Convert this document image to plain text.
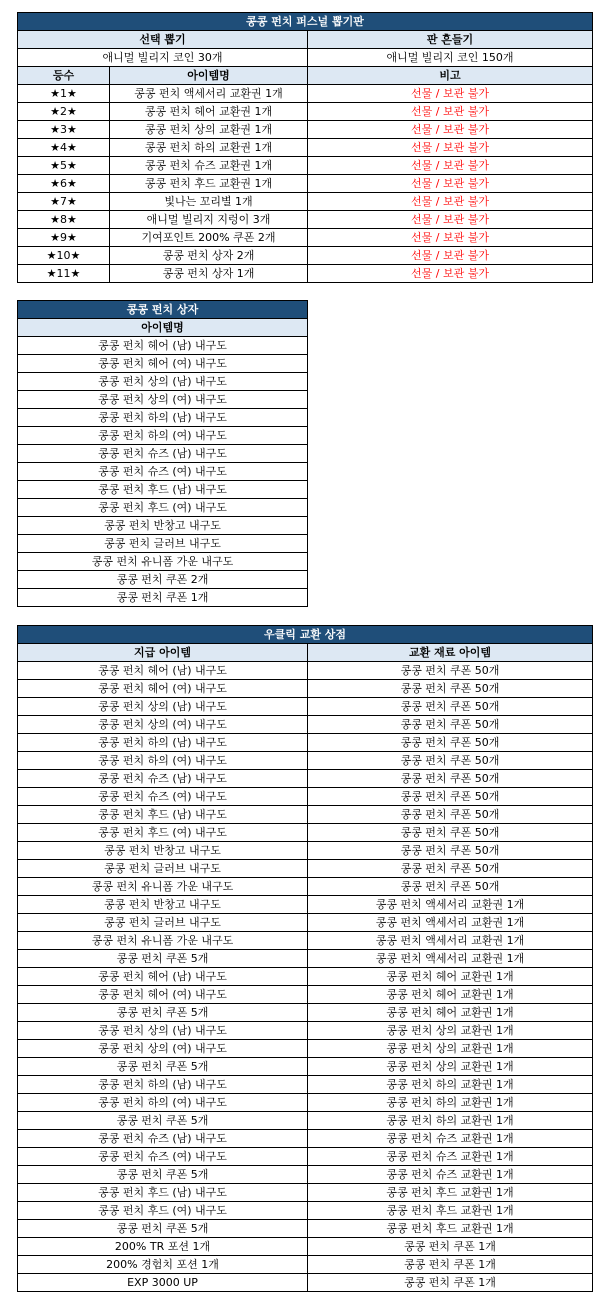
콩콩 펀치 퍼스널 뽑기판		
선택 뽑기		판 흔들기
애니멀 빌리지 코인 30개		애니멀 빌리지 코인 150개
등수	아이템명	비고
★1★	콩콩 펀치 액세서리 교환권 1개	선물 / 보관 불가
★2★	콩콩 펀치 헤어 교환권 1개	선물 / 보관 불가
★3★	콩콩 펀치 상의 교환권 1개	선물 / 보관 불가
★4★	콩콩 펀치 하의 교환권 1개	선물 / 보관 불가
★5★	콩콩 펀치 슈즈 교환권 1개	선물 / 보관 불가
★6★	콩콩 펀치 후드 교환권 1개	선물 / 보관 불가
★7★	빛나는 꼬리별 1개	선물 / 보관 불가
★8★	애니멀 빌리지 지렁이 3개	선물 / 보관 불가
★9★	기여포인트 200% 쿠폰 2개	선물 / 보관 불가
★10★	콩콩 펀치 상자 2개	선물 / 보관 불가
★11★	콩콩 펀치 상자 1개	선물 / 보관 불가
콩콩 펀치 상자
아이템명
콩콩 펀치 헤어 (남) 내구도
콩콩 펀치 헤어 (여) 내구도
콩콩 펀치 상의 (남) 내구도
콩콩 펀치 상의 (여) 내구도
콩콩 펀치 하의 (남) 내구도
콩콩 펀치 하의 (여) 내구도
콩콩 펀치 슈즈 (남) 내구도
콩콩 펀치 슈즈 (여) 내구도
콩콩 펀치 후드 (남) 내구도
콩콩 펀치 후드 (여) 내구도
콩콩 펀치 반창고 내구도
콩콩 펀치 글러브 내구도
콩콩 펀치 유니폼 가운 내구도
콩콩 펀치 쿠폰 2개
콩콩 펀치 쿠폰 1개
우클릭 교환 상점	
지급 아이템	교환 재료 아이템
콩콩 펀치 헤어 (남) 내구도	콩콩 펀치 쿠폰 50개
콩콩 펀치 헤어 (여) 내구도	콩콩 펀치 쿠폰 50개
콩콩 펀치 상의 (남) 내구도	콩콩 펀치 쿠폰 50개
콩콩 펀치 상의 (여) 내구도	콩콩 펀치 쿠폰 50개
콩콩 펀치 하의 (남) 내구도	콩콩 펀치 쿠폰 50개
콩콩 펀치 하의 (여) 내구도	콩콩 펀치 쿠폰 50개
콩콩 펀치 슈즈 (남) 내구도	콩콩 펀치 쿠폰 50개
콩콩 펀치 슈즈 (여) 내구도	콩콩 펀치 쿠폰 50개
콩콩 펀치 후드 (남) 내구도	콩콩 펀치 쿠폰 50개
콩콩 펀치 후드 (여) 내구도	콩콩 펀치 쿠폰 50개
콩콩 펀치 반창고 내구도	콩콩 펀치 쿠폰 50개
콩콩 펀치 글러브 내구도	콩콩 펀치 쿠폰 50개
콩콩 펀치 유니폼 가운 내구도	콩콩 펀치 쿠폰 50개
콩콩 펀치 반창고 내구도	콩콩 펀치 액세서리 교환권 1개
콩콩 펀치 글러브 내구도	콩콩 펀치 액세서리 교환권 1개
콩콩 펀치 유니폼 가운 내구도	콩콩 펀치 액세서리 교환권 1개
콩콩 펀치 쿠폰 5개	콩콩 펀치 액세서리 교환권 1개
콩콩 펀치 헤어 (남) 내구도	콩콩 펀치 헤어 교환권 1개
콩콩 펀치 헤어 (여) 내구도	콩콩 펀치 헤어 교환권 1개
콩콩 펀치 쿠폰 5개	콩콩 펀치 헤어 교환권 1개
콩콩 펀치 상의 (남) 내구도	콩콩 펀치 상의 교환권 1개
콩콩 펀치 상의 (여) 내구도	콩콩 펀치 상의 교환권 1개
콩콩 펀치 쿠폰 5개	콩콩 펀치 상의 교환권 1개
콩콩 펀치 하의 (남) 내구도	콩콩 펀치 하의 교환권 1개
콩콩 펀치 하의 (여) 내구도	콩콩 펀치 하의 교환권 1개
콩콩 펀치 쿠폰 5개	콩콩 펀치 하의 교환권 1개
콩콩 펀치 슈즈 (남) 내구도	콩콩 펀치 슈즈 교환권 1개
콩콩 펀치 슈즈 (여) 내구도	콩콩 펀치 슈즈 교환권 1개
콩콩 펀치 쿠폰 5개	콩콩 펀치 슈즈 교환권 1개
콩콩 펀치 후드 (남) 내구도	콩콩 펀치 후드 교환권 1개
콩콩 펀치 후드 (여) 내구도	콩콩 펀치 후드 교환권 1개
콩콩 펀치 쿠폰 5개	콩콩 펀치 후드 교환권 1개
200% TR 포션 1개	콩콩 펀치 쿠폰 1개
200% 경험치 포션 1개	콩콩 펀치 쿠폰 1개
EXP 3000 UP	콩콩 펀치 쿠폰 1개
